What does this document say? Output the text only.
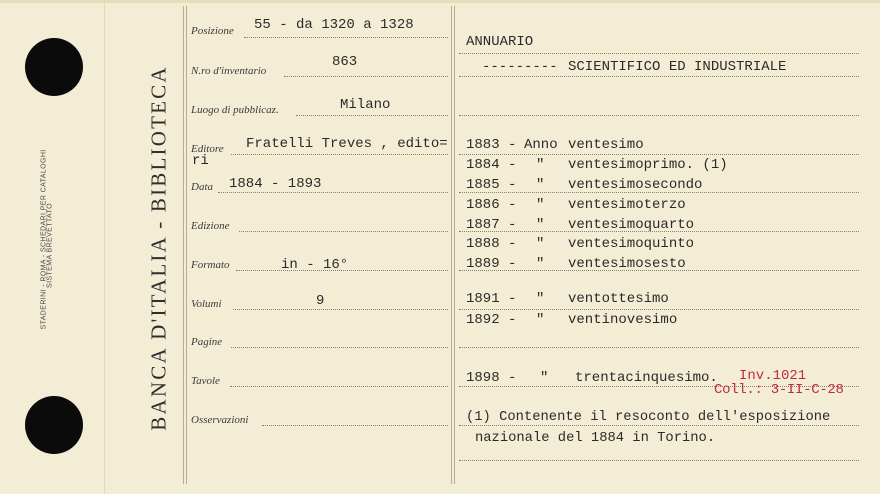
STADERINI - ROMA - SCHEDARI PER CATALOGHI SISTEMA BREVETTATO	BANCA D'ITALIA - BIBLIOTECA
Posizione
N.ro d'inventario
Luogo di pubblicaz.
Editore
Data
Edizione
Formato
Volumi
Pagine
Tavole
Osservazioni
55 - da 1320 a 1328
863
Milano
Fratelli Treves , edito=
ri
1884 - 1893
in - 16°
9
ANNUARIO
--------- SCIENTIFICO ED INDUSTRIALE
1883 - Anno ventesimo
1884 - " ventesimoprimo. (1)
1885 - " ventesimosecondo
1886 - " ventesimoterzo
1887 - " ventesimoquarto
1888 - " ventesimoquinto
1889 - " ventesimosesto
1891 - " ventottesimo
1892 - " ventinovesimo
1898 - " trentacinquesimo. Inv.1021
Coll.: 3-II-C-28
(1) Contenente il resoconto dell'esposizione
nazionale del 1884 in Torino.
